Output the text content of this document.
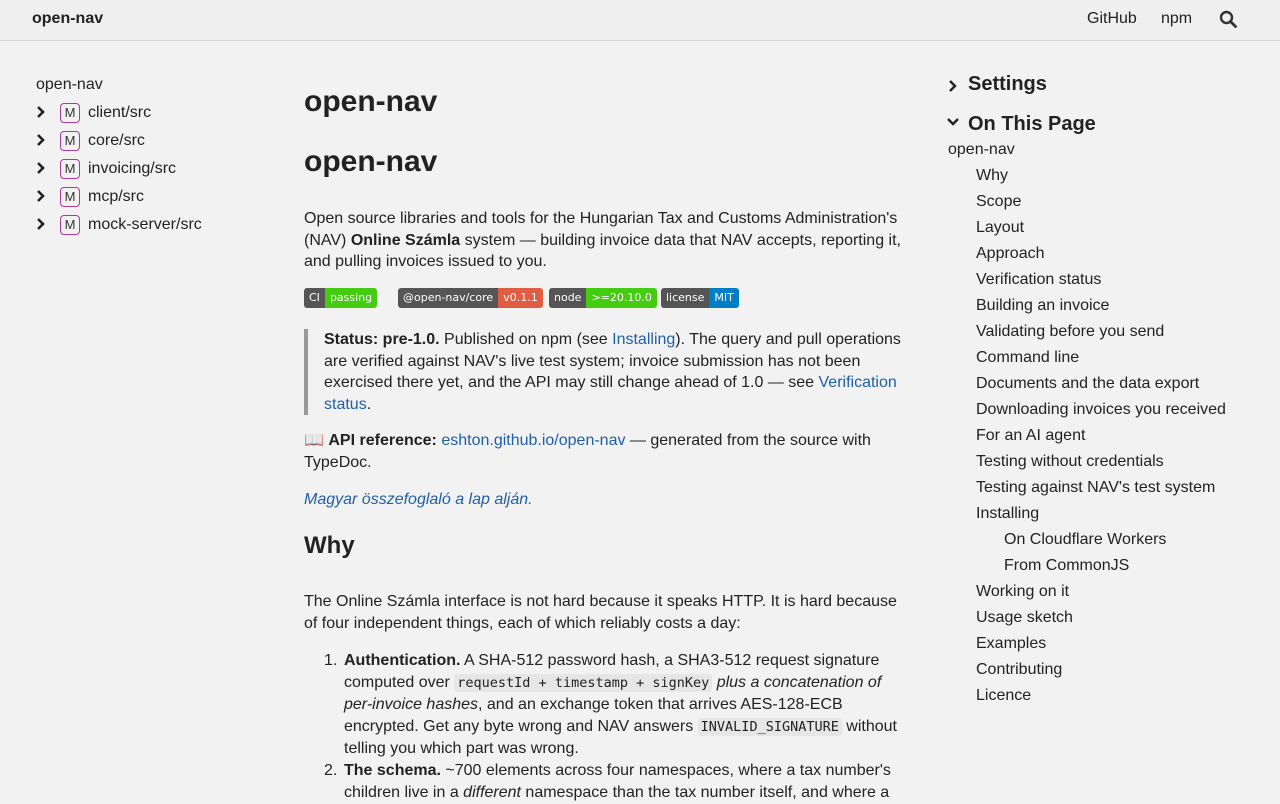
open-nav	GitHub npm
open-nav
M client/src
M core/src
M invoicing/src
M mcp/src
M mock-server/src
open-nav
open-nav
Open source libraries and tools for the Hungarian Tax and Customs Administration's (NAV) Online Számla system — building invoice data that NAV accepts, reporting it, and pulling invoices issued to you.
CI passing	@open-nav/core v0.1.1	node >=20.10.0	license MIT
Status: pre-1.0. Published on npm (see Installing). The query and pull operations are verified against NAV's live test system; invoice submission has not been exercised there yet, and the API may still change ahead of 1.0 — see Verification status.
📖 API reference: eshton.github.io/open-nav — generated from the source with TypeDoc.
Magyar összefoglaló a lap alján.
Why
The Online Számla interface is not hard because it speaks HTTP. It is hard because of four independent things, each of which reliably costs a day:
1. Authentication. A SHA-512 password hash, a SHA3-512 request signature computed over requestId + timestamp + signKey plus a concatenation of per-invoice hashes, and an exchange token that arrives AES-128-ECB encrypted. Get any byte wrong and NAV answers INVALID_SIGNATURE without telling you which part was wrong.
2. The schema. ~700 elements across four namespaces, where a tax number's children live in a different namespace than the tax number itself, and where a
Settings
On This Page
open-nav
Why
Scope
Layout
Approach
Verification status
Building an invoice
Validating before you send
Command line
Documents and the data export
Downloading invoices you received
For an AI agent
Testing without credentials
Testing against NAV's test system
Installing
On Cloudflare Workers
From CommonJS
Working on it
Usage sketch
Examples
Contributing
Licence
